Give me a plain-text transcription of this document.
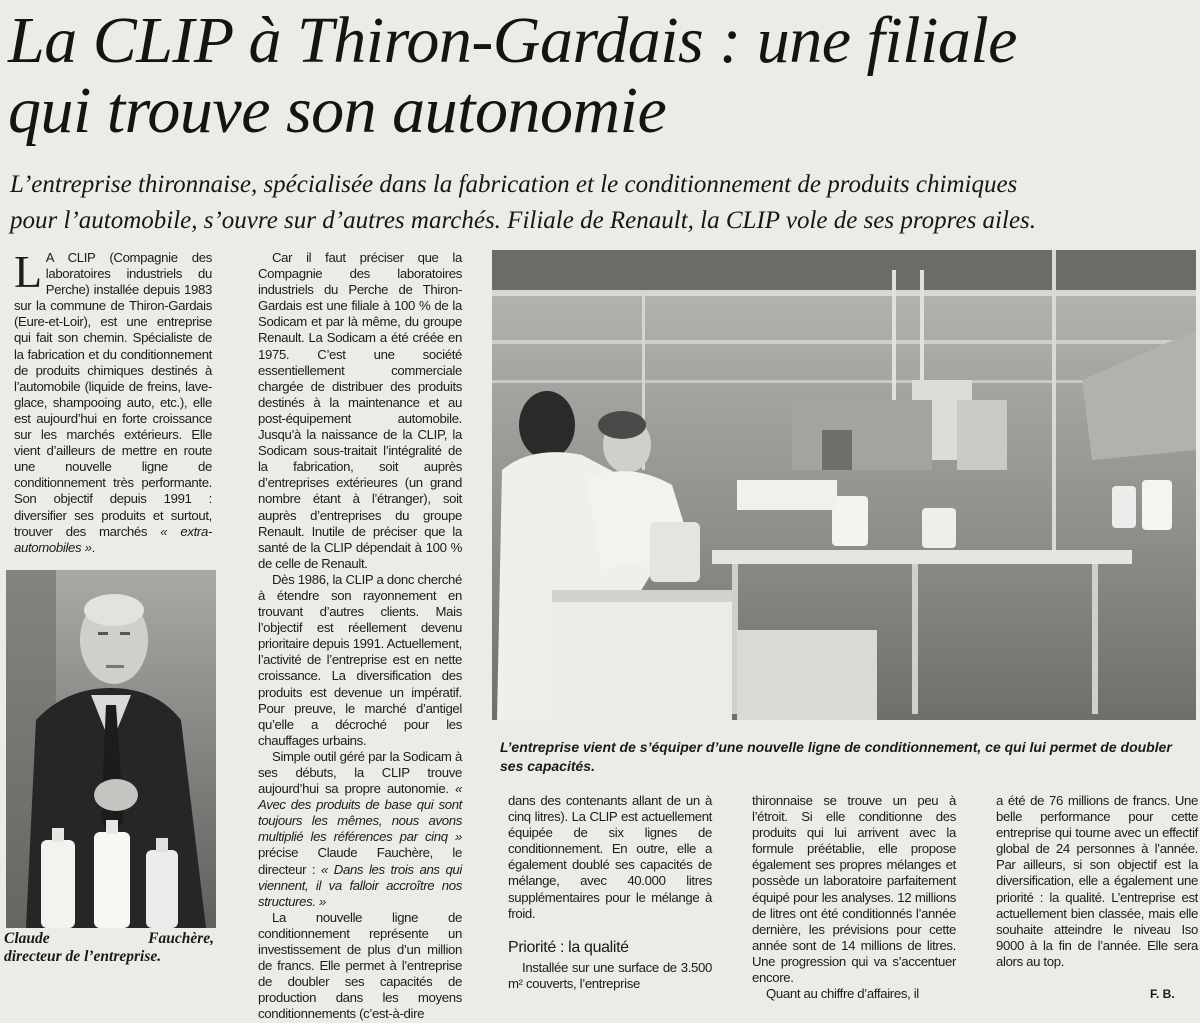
La CLIP à Thiron-Gardais : une filiale
qui trouve son autonomie
L’entreprise thironnaise, spécialisée dans la fabrication et le conditionnement de produits chimiques
pour l’automobile, s’ouvre sur d’autres marchés. Filiale de Renault, la CLIP vole de ses propres ailes.

L A CLIP (Compagnie des laboratoires industriels du Perche) installée depuis 1983 sur la commune de Thiron-Gardais (Eure-et-Loir), est une entreprise qui fait son chemin. Spécialiste de la fabrication et du conditionnement de produits chimiques destinés à l’automobile (liquide de freins, lave-glace, shampooing auto, etc.), elle est aujourd’hui en forte croissance sur les marchés extérieurs. Elle vient d’ailleurs de mettre en route une nouvelle ligne de conditionnement très performante. Son objectif depuis 1991 : diversifier ses produits et surtout, trouver des marchés « extra-automobiles ».

Car il faut préciser que la Compagnie des laboratoires industriels du Perche de Thiron-Gardais est une filiale à 100 % de la Sodicam et par là même, du groupe Renault. La Sodicam a été créée en 1975. C’est une société essentiellement commerciale chargée de distribuer des produits destinés à la maintenance et au post-équipement automobile. Jusqu’à la naissance de la CLIP, la Sodicam sous-traitait l’intégralité de la fabrication, soit auprès d’entreprises extérieures (un grand nombre étant à l’étranger), soit auprès d’entreprises du groupe Renault. Inutile de préciser que la santé de la CLIP dépendait à 100 % de celle de Renault.

Dès 1986, la CLIP a donc cherché à étendre son rayonnement en trouvant d’autres clients. Mais l’objectif est réellement devenu prioritaire depuis 1991. Actuellement, l’activité de l’entreprise est en nette croissance. La diversification des produits est devenue un impératif. Pour preuve, le marché d’antigel qu’elle a décroché pour les chauffages urbains.

Simple outil géré par la Sodicam à ses débuts, la CLIP trouve aujourd’hui sa propre autonomie. « Avec des produits de base qui sont toujours les mêmes, nous avons multiplié les références par cinq » précise Claude Fauchère, le directeur : « Dans les trois ans qui viennent, il va falloir accroître nos structures. »

La nouvelle ligne de conditionnement représente un investissement de plus d’un million de francs. Elle permet à l’entreprise de doubler ses capacités de production dans les moyens conditionnements (c’est-à-dire

Claude Fauchère,
directeur de l’entreprise.
L’entreprise vient de s’équiper d’une nouvelle ligne de conditionnement, ce qui lui permet de doubler ses capacités.

dans des contenants allant de un à cinq litres). La CLIP est actuellement équipée de six lignes de conditionnement. En outre, elle a également doublé ses capacités de mélange, avec 40.000 litres supplémentaires pour le mélange à froid.

Priorité : la qualité

Installée sur une surface de 3.500 m² couverts, l’entreprise

thironnaise se trouve un peu à l’étroit. Si elle conditionne des produits qui lui arrivent avec la formule préétablie, elle propose également ses propres mélanges et possède un laboratoire parfaitement équipé pour les analyses. 12 millions de litres ont été conditionnés l’année dernière, les prévisions pour cette année sont de 14 millions de litres. Une progression qui va s’accentuer encore.

Quant au chiffre d’affaires, il

a été de 76 millions de francs. Une belle performance pour cette entreprise qui tourne avec un effectif global de 24 personnes à l’année. Par ailleurs, si son objectif est la diversification, elle a également une priorité : la qualité. L’entreprise est actuellement bien classée, mais elle souhaite atteindre le niveau Iso 9000 à la fin de l’année. Elle sera alors au top.

F. B.
